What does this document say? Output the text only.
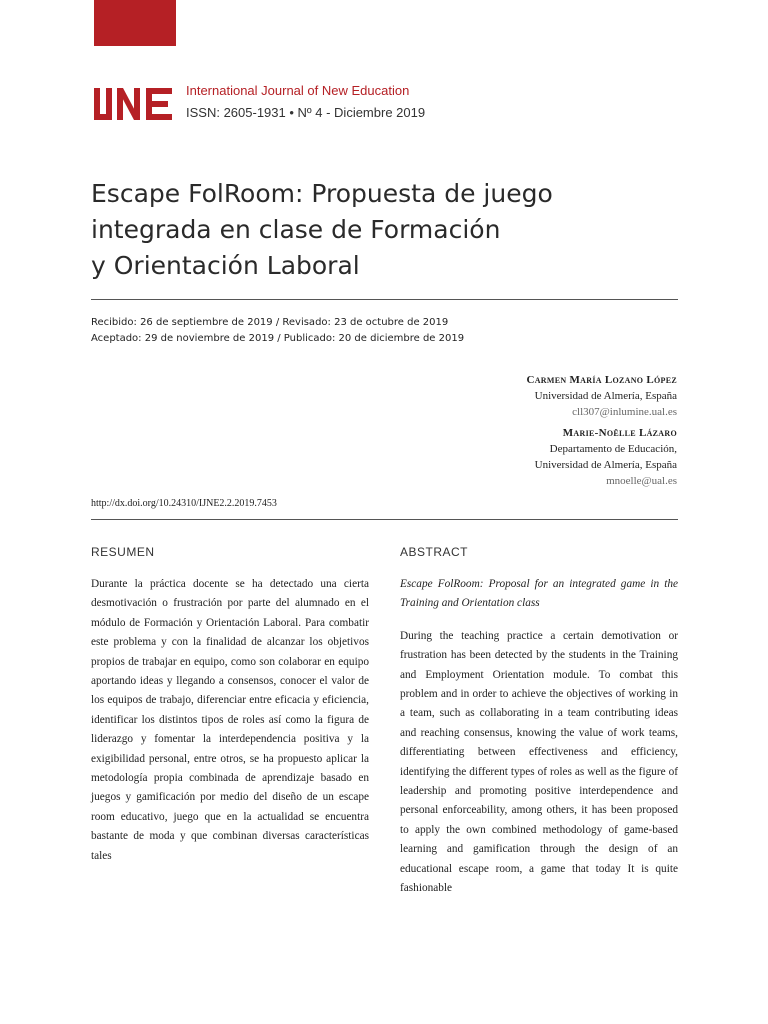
International Journal of New Education
ISSN: 2605-1931 • Nº 4 - Diciembre 2019
Escape FolRoom: Propuesta de juego
integrada en clase de Formación
y Orientación Laboral
Recibido: 26 de septiembre de 2019 / Revisado: 23 de octubre de 2019
Aceptado: 29 de noviembre de 2019 / Publicado: 20 de diciembre de 2019
Carmen María Lozano López
Universidad de Almería, España
cll307@inlumine.ual.es
Marie-Noëlle Lázaro
Departamento de Educación,
Universidad de Almería, España
mnoelle@ual.es
http://dx.doi.org/10.24310/IJNE2.2.2019.7453
RESUMEN	ABSTRACT

Durante la práctica docente se ha detectado una cierta desmotivación o frustración por parte del alumnado en el módulo de Formación y Orientación Laboral. Para combatir este problema y con la finalidad de alcanzar los objetivos propios de trabajar en equipo, como son colaborar en equipo aportando ideas y llegando a consensos, conocer el valor de los equipos de trabajo, diferenciar entre eficacia y eficiencia, identificar los distintos tipos de roles así como la figura de liderazgo y fomentar la interdependencia positiva y la exigibilidad personal, entre otros, se ha propuesto aplicar la metodología propia combinada de aprendizaje basado en juegos y gamificación por medio del diseño de un escape room educativo, juego que en la actualidad se encuentra bastante de moda y que combinan diversas características tales

Escape FolRoom: Proposal for an integrated game in the Training and Orientation class

During the teaching practice a certain demotivation or frustration has been detected by the students in the Training and Employment Orientation module. To combat this problem and in order to achieve the objectives of working in a team, such as collaborating in a team contributing ideas and reaching consensus, knowing the value of work teams, differentiating between effectiveness and efficiency, identifying the different types of roles as well as the figure of leadership and promoting positive interdependence and personal enforceability, among others, it has been proposed to apply the own combined methodology of game-based learning and gamification through the design of an educational escape room, a game that today It is quite fashionable
